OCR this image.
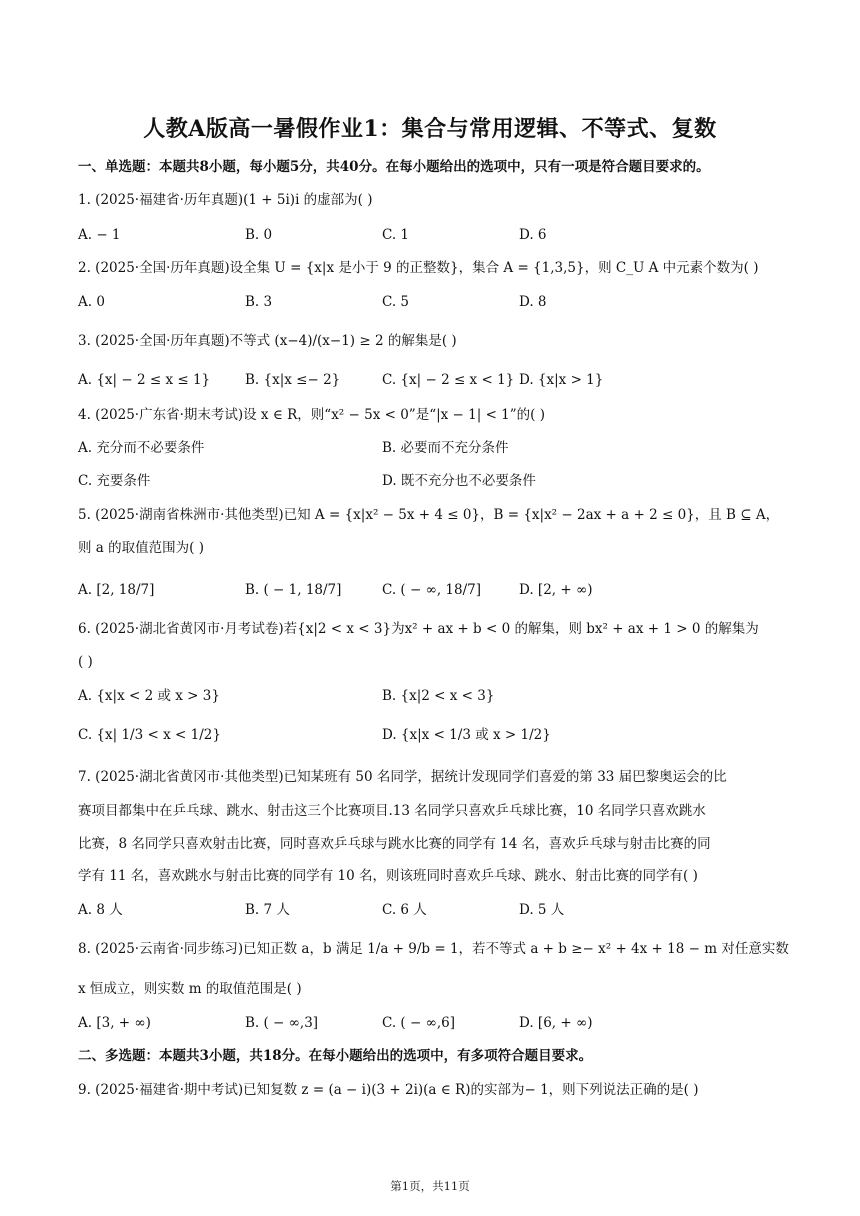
人教A版高一暑假作业1：集合与常用逻辑、不等式、复数
一、单选题：本题共8小题，每小题5分，共40分。在每小题给出的选项中，只有一项是符合题目要求的。
1. (2025·福建省·历年真题)(1 + 5i)i 的虚部为( )
A. − 1	B. 0	C. 1	D. 6
2. (2025·全国·历年真题)设全集 U = {x|x 是小于 9 的正整数}，集合 A = {1,3,5}，则 C_U A 中元素个数为( )
A. 0	B. 3	C. 5	D. 8
3. (2025·全国·历年真题)不等式 (x−4)/(x−1) ≥ 2 的解集是( )
A. {x| − 2 ≤ x ≤ 1}	B. {x|x ≤− 2}	C. {x| − 2 ≤ x < 1} D. {x|x > 1}
4. (2025·广东省·期末考试)设 x ∈ R，则“x² − 5x < 0”是“|x − 1| < 1”的( )
A. 充分而不必要条件	B. 必要而不充分条件
C. 充要条件	D. 既不充分也不必要条件
5. (2025·湖南省株洲市·其他类型)已知 A = {x|x² − 5x + 4 ≤ 0}，B = {x|x² − 2ax + a + 2 ≤ 0}，且 B ⊆ A，
则 a 的取值范围为( )
A. [2, 18/7]	B. ( − 1, 18/7]	C. ( − ∞, 18/7]	D. [2, + ∞)
6. (2025·湖北省黄冈市·月考试卷)若{x|2 < x < 3}为x² + ax + b < 0 的解集，则 bx² + ax + 1 > 0 的解集为
( )
A. {x|x < 2 或 x > 3}	B. {x|2 < x < 3}
C. {x| 1/3 < x < 1/2}	D. {x|x < 1/3 或 x > 1/2}
7. (2025·湖北省黄冈市·其他类型)已知某班有 50 名同学，据统计发现同学们喜爱的第 33 届巴黎奥运会的比
赛项目都集中在乒乓球、跳水、射击这三个比赛项目.13 名同学只喜欢乒乓球比赛，10 名同学只喜欢跳水
比赛，8 名同学只喜欢射击比赛，同时喜欢乒乓球与跳水比赛的同学有 14 名，喜欢乒乓球与射击比赛的同
学有 11 名，喜欢跳水与射击比赛的同学有 10 名，则该班同时喜欢乒乓球、跳水、射击比赛的同学有( )
A. 8 人	B. 7 人	C. 6 人	D. 5 人
8. (2025·云南省·同步练习)已知正数 a，b 满足 1/a + 9/b = 1，若不等式 a + b ≥− x² + 4x + 18 − m 对任意实数
x 恒成立，则实数 m 的取值范围是( )
A. [3, + ∞)	B. ( − ∞,3]	C. ( − ∞,6]	D. [6, + ∞)
二、多选题：本题共3小题，共18分。在每小题给出的选项中，有多项符合题目要求。
9. (2025·福建省·期中考试)已知复数 z = (a − i)(3 + 2i)(a ∈ R)的实部为− 1，则下列说法正确的是( )
第1页，共11页
